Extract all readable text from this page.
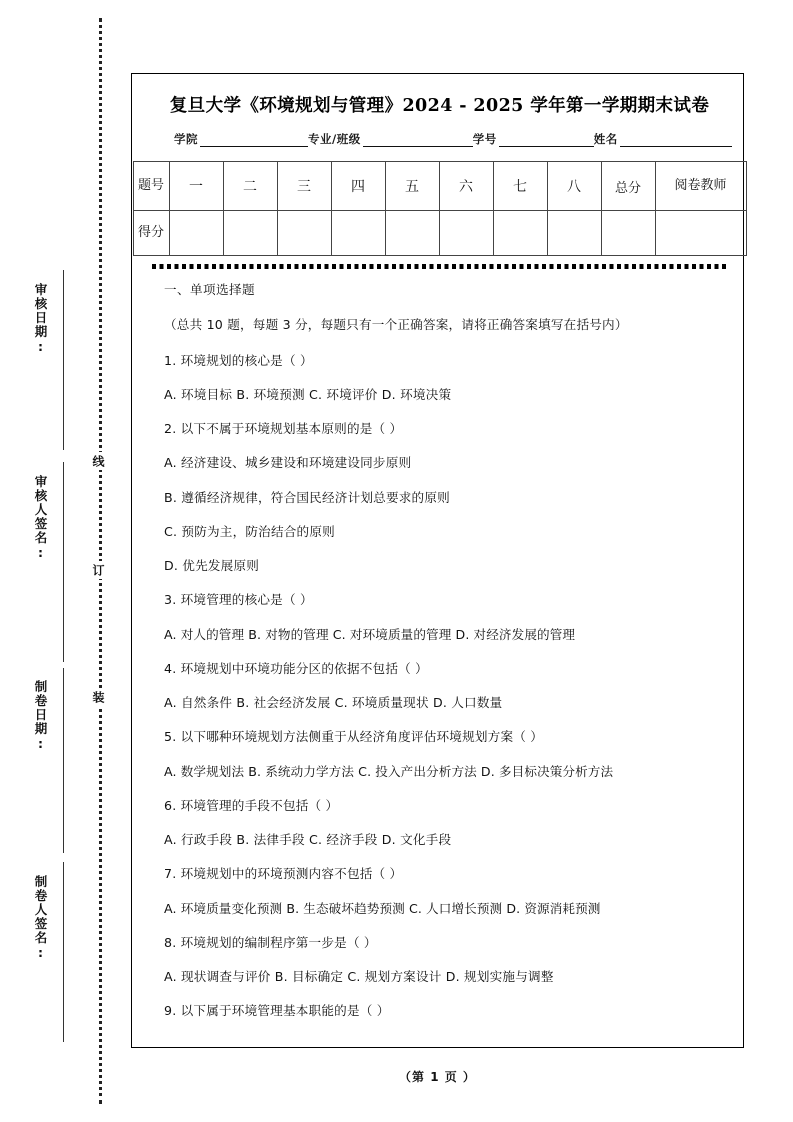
审核日期:
审核人签名:
制卷日期:
制卷人签名:
线
订
装
复旦大学《环境规划与管理》2024 - 2025 学年第一学期期末试卷
学院	专业/班级	学号	姓名
题号	一	二	三	四	五	六	七	八	总分	阅卷教师
得分										
一、单项选择题
（总共 10 题，每题 3 分，每题只有一个正确答案，请将正确答案填写在括号内）
1. 环境规划的核心是（ ）
A. 环境目标 B. 环境预测 C. 环境评价 D. 环境决策
2. 以下不属于环境规划基本原则的是（ ）
A. 经济建设、城乡建设和环境建设同步原则
B. 遵循经济规律，符合国民经济计划总要求的原则
C. 预防为主，防治结合的原则
D. 优先发展原则
3. 环境管理的核心是（ ）
A. 对人的管理 B. 对物的管理 C. 对环境质量的管理 D. 对经济发展的管理
4. 环境规划中环境功能分区的依据不包括（ ）
A. 自然条件 B. 社会经济发展 C. 环境质量现状 D. 人口数量
5. 以下哪种环境规划方法侧重于从经济角度评估环境规划方案（ ）
A. 数学规划法 B. 系统动力学方法 C. 投入产出分析方法 D. 多目标决策分析方法
6. 环境管理的手段不包括（ ）
A. 行政手段 B. 法律手段 C. 经济手段 D. 文化手段
7. 环境规划中的环境预测内容不包括（ ）
A. 环境质量变化预测 B. 生态破坏趋势预测 C. 人口增长预测 D. 资源消耗预测
8. 环境规划的编制程序第一步是（ ）
A. 现状调查与评价 B. 目标确定 C. 规划方案设计 D. 规划实施与调整
9. 以下属于环境管理基本职能的是（ ）
（第 1 页 ）
